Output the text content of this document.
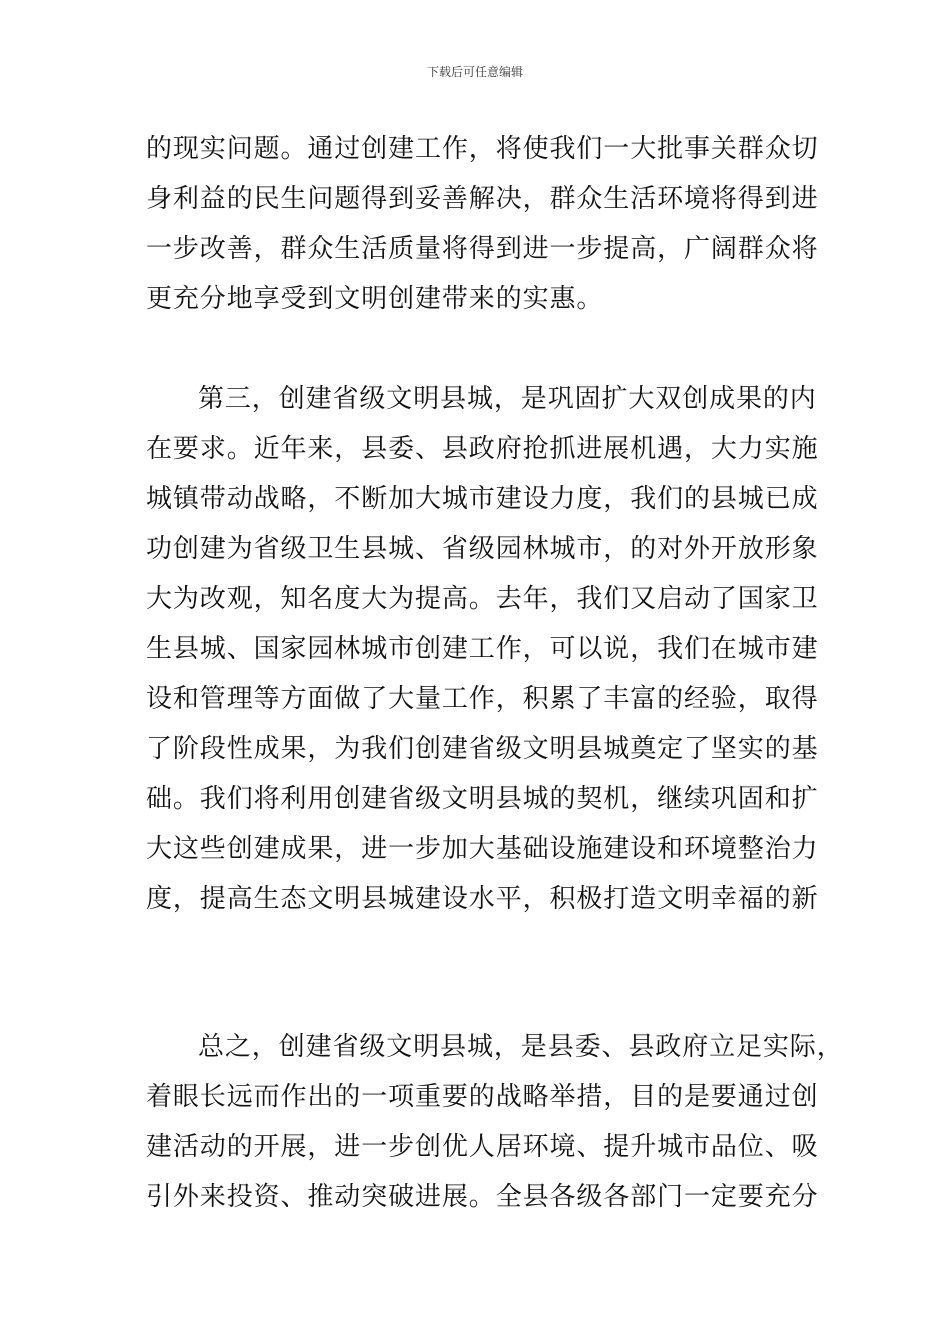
下载后可任意编辑
的现实问题。通过创建工作，将使我们一大批事关群众切
身利益的民生问题得到妥善解决，群众生活环境将得到进
一步改善，群众生活质量将得到进一步提高，广阔群众将
更充分地享受到文明创建带来的实惠。
第三，创建省级文明县城，是巩固扩大双创成果的内
在要求。近年来，县委、县政府抢抓进展机遇，大力实施
城镇带动战略，不断加大城市建设力度，我们的县城已成
功创建为省级卫生县城、省级园林城市，的对外开放形象
大为改观，知名度大为提高。去年，我们又启动了国家卫
生县城、国家园林城市创建工作，可以说，我们在城市建
设和管理等方面做了大量工作，积累了丰富的经验，取得
了阶段性成果，为我们创建省级文明县城奠定了坚实的基
础。我们将利用创建省级文明县城的契机，继续巩固和扩
大这些创建成果，进一步加大基础设施建设和环境整治力
度，提高生态文明县城建设水平，积极打造文明幸福的新
总之，创建省级文明县城，是县委、县政府立足实际，
着眼长远而作出的一项重要的战略举措，目的是要通过创
建活动的开展，进一步创优人居环境、提升城市品位、吸
引外来投资、推动突破进展。全县各级各部门一定要充分
